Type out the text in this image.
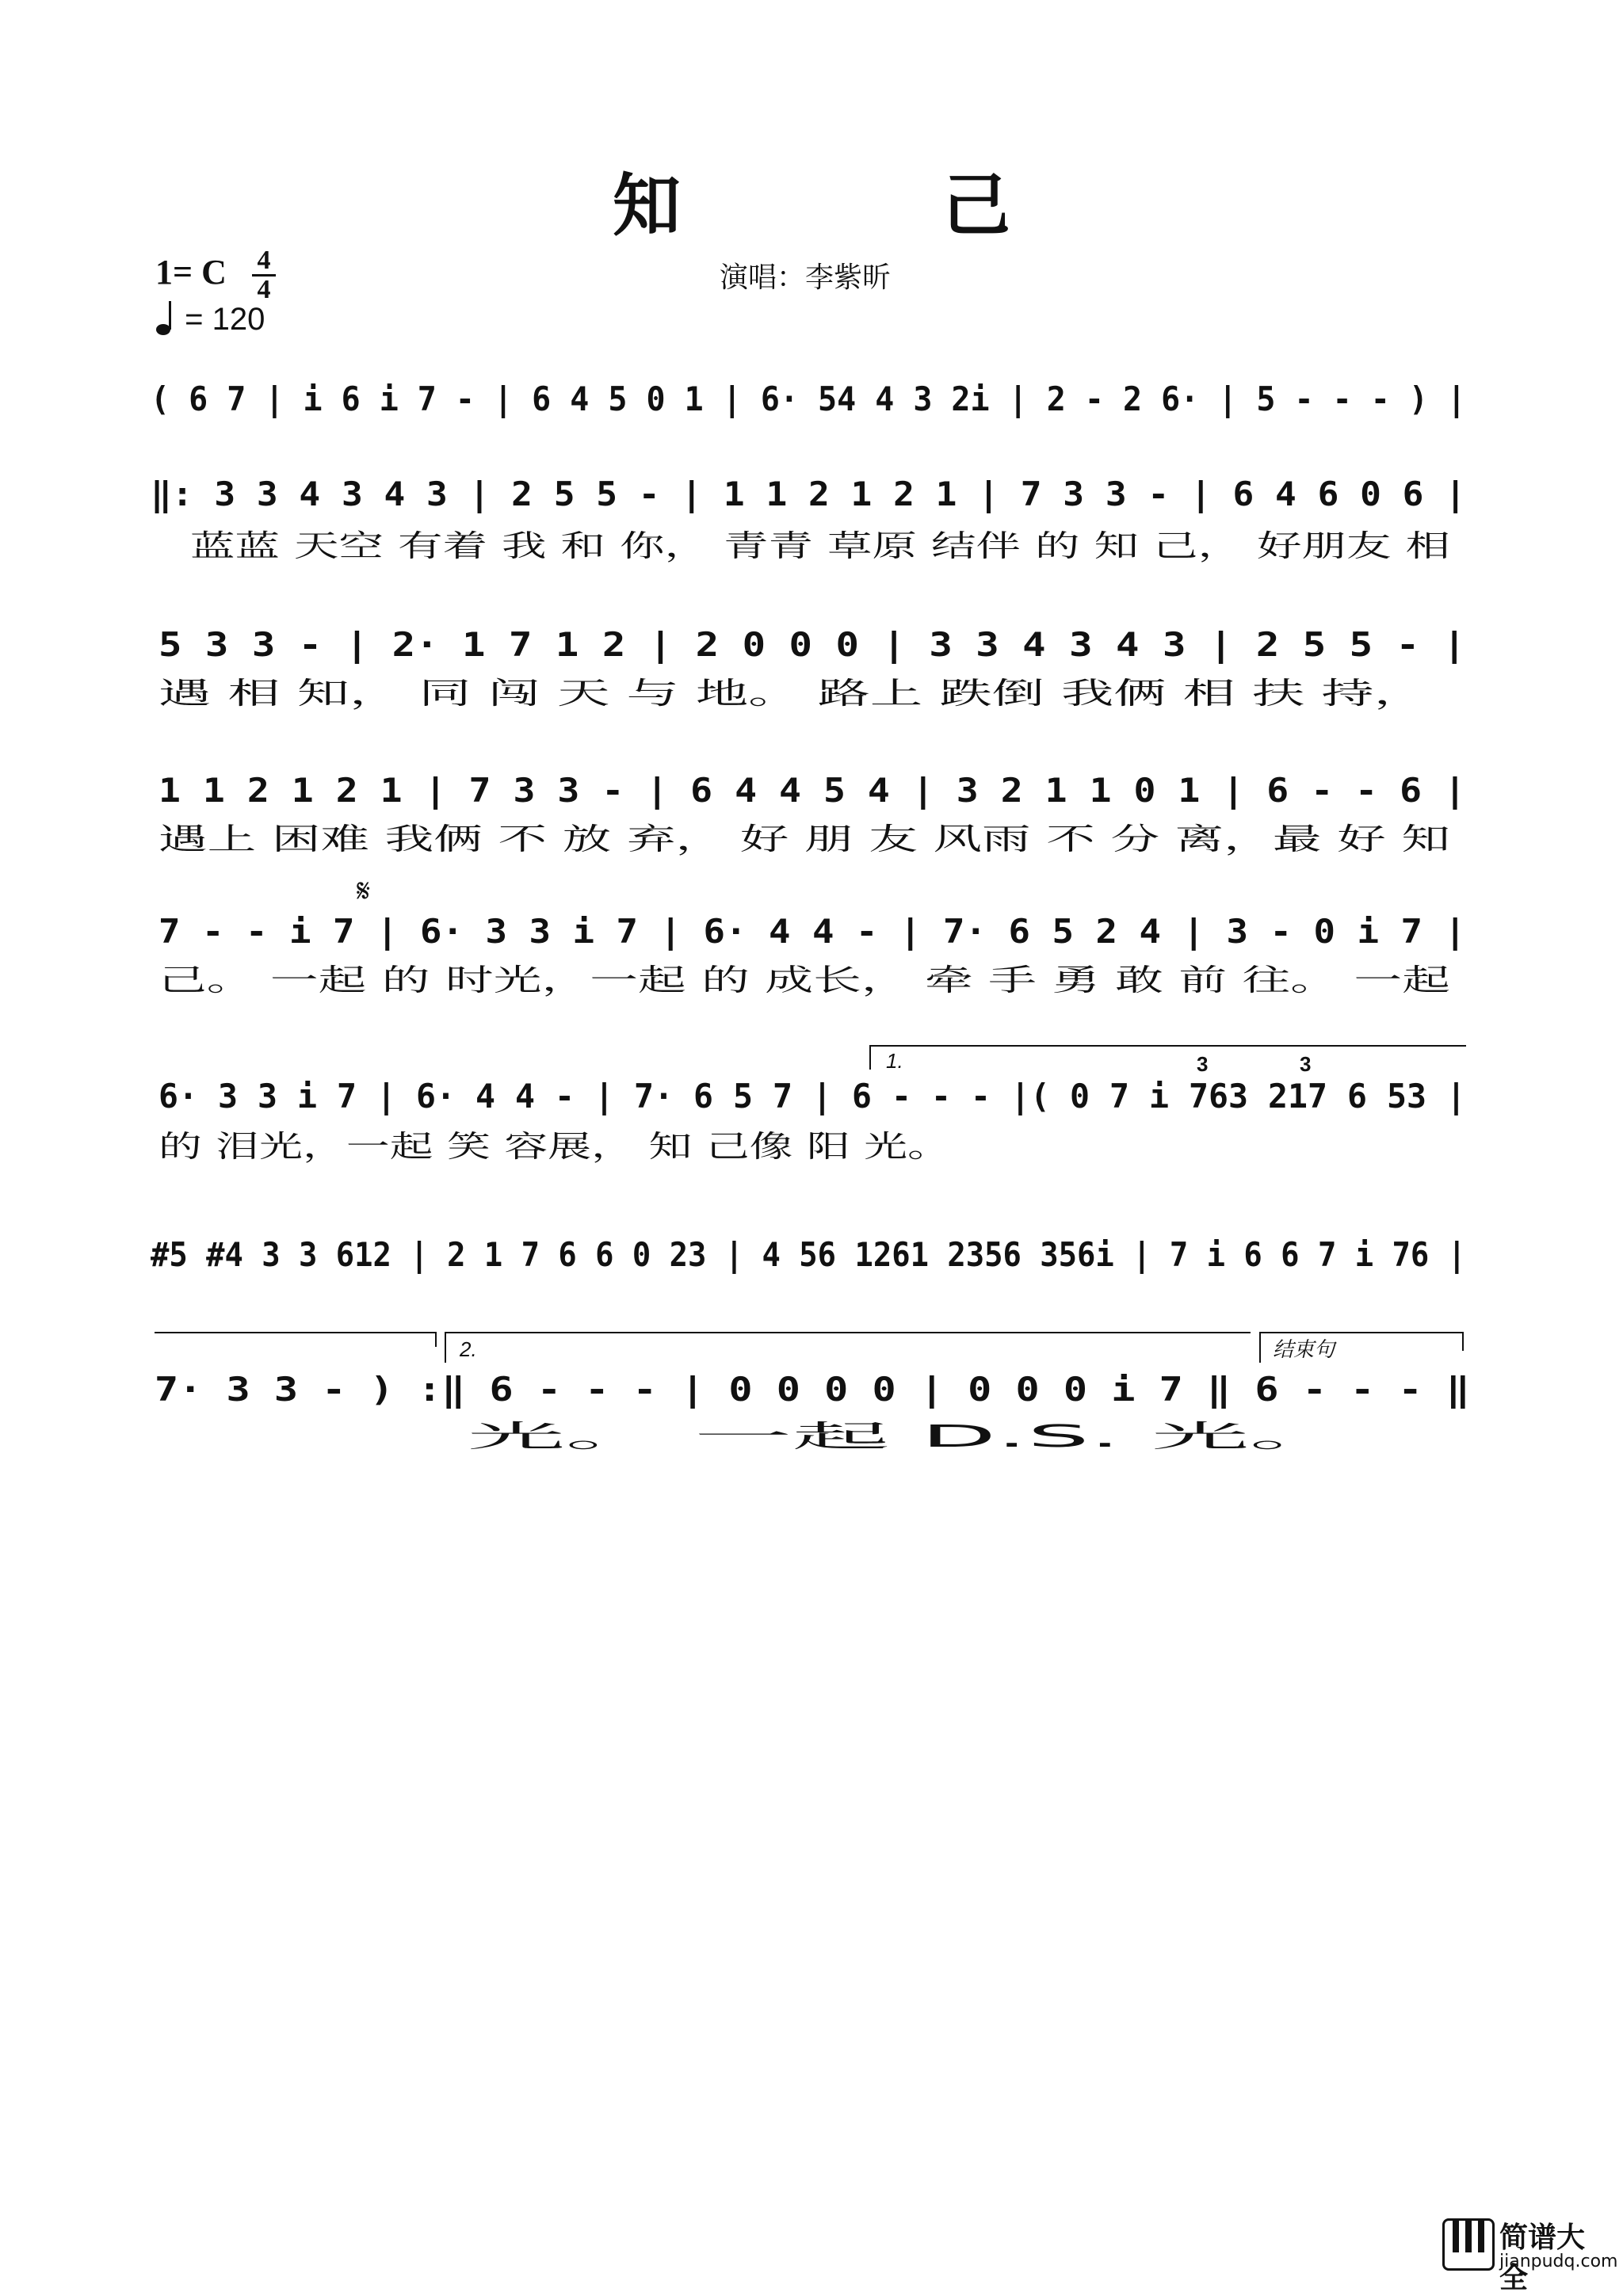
知 己
1= C 4
4
= 120
演唱：李紫昕
( 6 7 | i 6 i 7 - | 6 4 5 0 1 | 6· 54 4 3 2i | 2 - 2 6· | 5 - - - ) |
‖: 3 3 4 3 4 3 | 2 5 5 - | 1 1 2 1 2 1 | 7 3 3 - | 6 4 6 0 6 |
蓝蓝 天空 有着 我 和 你， 青青 草原 结伴 的 知 己， 好朋友 相
5 3 3 - | 2· 1 7 1 2 | 2 0 0 0 | 3 3 4 3 4 3 | 2 5 5 - |
遇 相 知， 同 闯 天 与 地。 路上 跌倒 我俩 相 扶 持，
1 1 2 1 2 1 | 7 3 3 - | 6 4 4 5 4 | 3 2 1 1 0 1 | 6 - - 6 |
遇上 困难 我俩 不 放 弃， 好 朋 友 风雨 不 分 离，最 好 知
𝄋
7 - - i 7 | 6· 3 3 i 7 | 6· 4 4 - | 7· 6 5 2 4 | 3 - 0 i 7 |
己。 一起 的 时光，一起 的 成长， 牵 手 勇 敢 前 往。 一起
1.
6· 3 3 i 7 | 6· 4 4 - | 7· 6 5 7 | 6 - - - |( 0 7 i 763 217 6 53 |
的 泪光，一起 笑 容展， 知 己像 阳 光。
3	3
#5 #4 3 3 612 | 2 1 7 6 6 0 23 | 4 56 1261 2356 356i | 7 i 6 6 7 i 76 |
2.	结束句
7· 3 3 - ) :‖ 6 - - - | 0 0 0 0 | 0 0 0 i 7 ‖ 6 - - - ‖
光。 一起 D.S. 光。
简谱大全
jianpudq.com
